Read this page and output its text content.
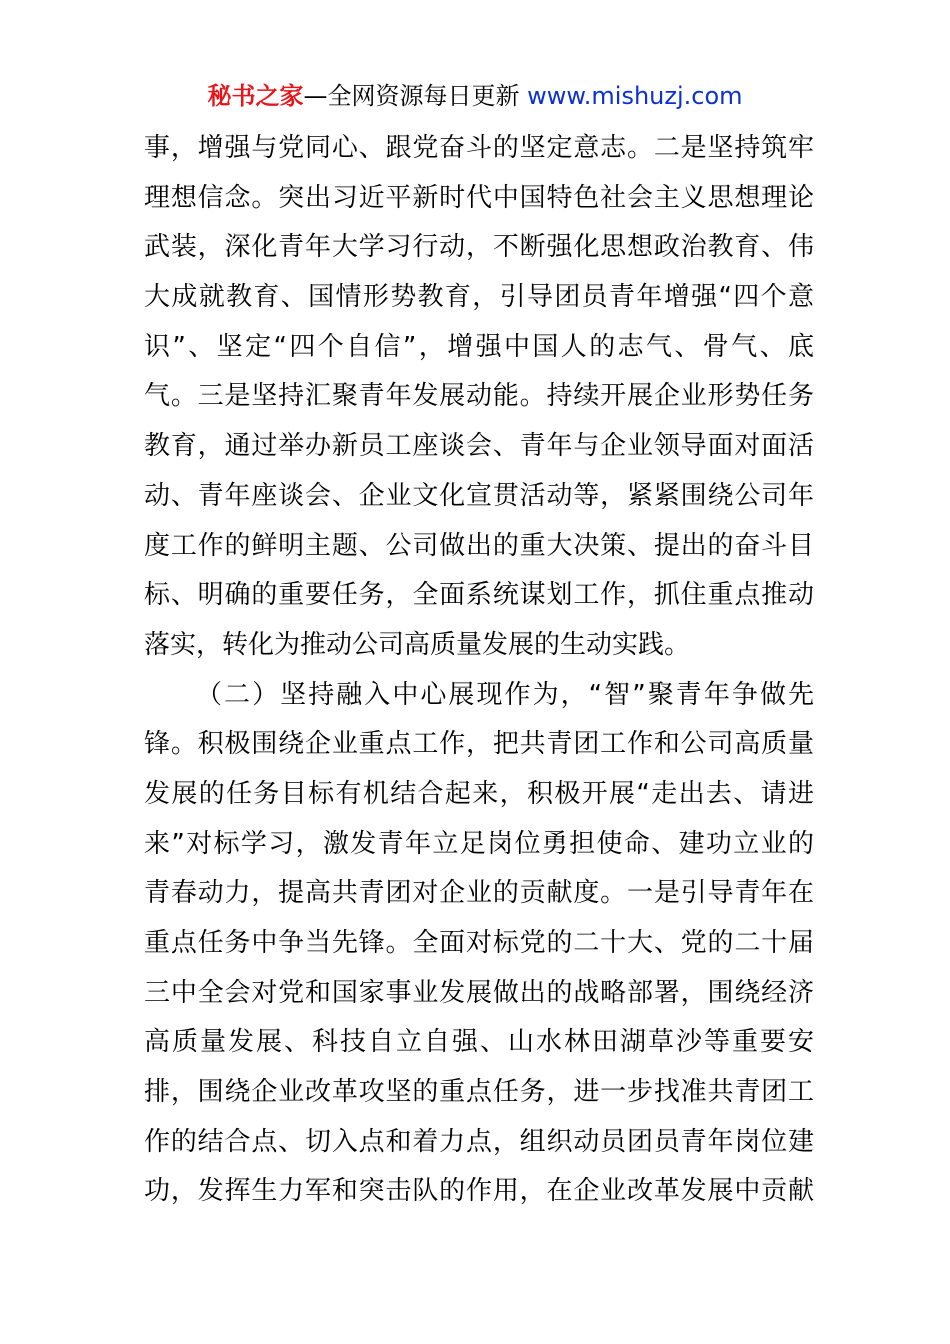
秘书之家—全网资源每日更新 www.mishuzj.com
事，增强与党同心、跟党奋斗的坚定意志。二是坚持筑牢
理想信念。突出习近平新时代中国特色社会主义思想理论
武装，深化青年大学习行动，不断强化思想政治教育、伟
大成就教育、国情形势教育，引导团员青年增强“四个意
识”、坚定“四个自信”，增强中国人的志气、骨气、底
气。三是坚持汇聚青年发展动能。持续开展企业形势任务
教育，通过举办新员工座谈会、青年与企业领导面对面活
动、青年座谈会、企业文化宣贯活动等，紧紧围绕公司年
度工作的鲜明主题、公司做出的重大决策、提出的奋斗目
标、明确的重要任务，全面系统谋划工作，抓住重点推动
落实，转化为推动公司高质量发展的生动实践。
（二）坚持融入中心展现作为，“智”聚青年争做先
锋。积极围绕企业重点工作，把共青团工作和公司高质量
发展的任务目标有机结合起来，积极开展“走出去、请进
来”对标学习，激发青年立足岗位勇担使命、建功立业的
青春动力，提高共青团对企业的贡献度。一是引导青年在
重点任务中争当先锋。全面对标党的二十大、党的二十届
三中全会对党和国家事业发展做出的战略部署，围绕经济
高质量发展、科技自立自强、山水林田湖草沙等重要安
排，围绕企业改革攻坚的重点任务，进一步找准共青团工
作的结合点、切入点和着力点，组织动员团员青年岗位建
功，发挥生力军和突击队的作用，在企业改革发展中贡献
